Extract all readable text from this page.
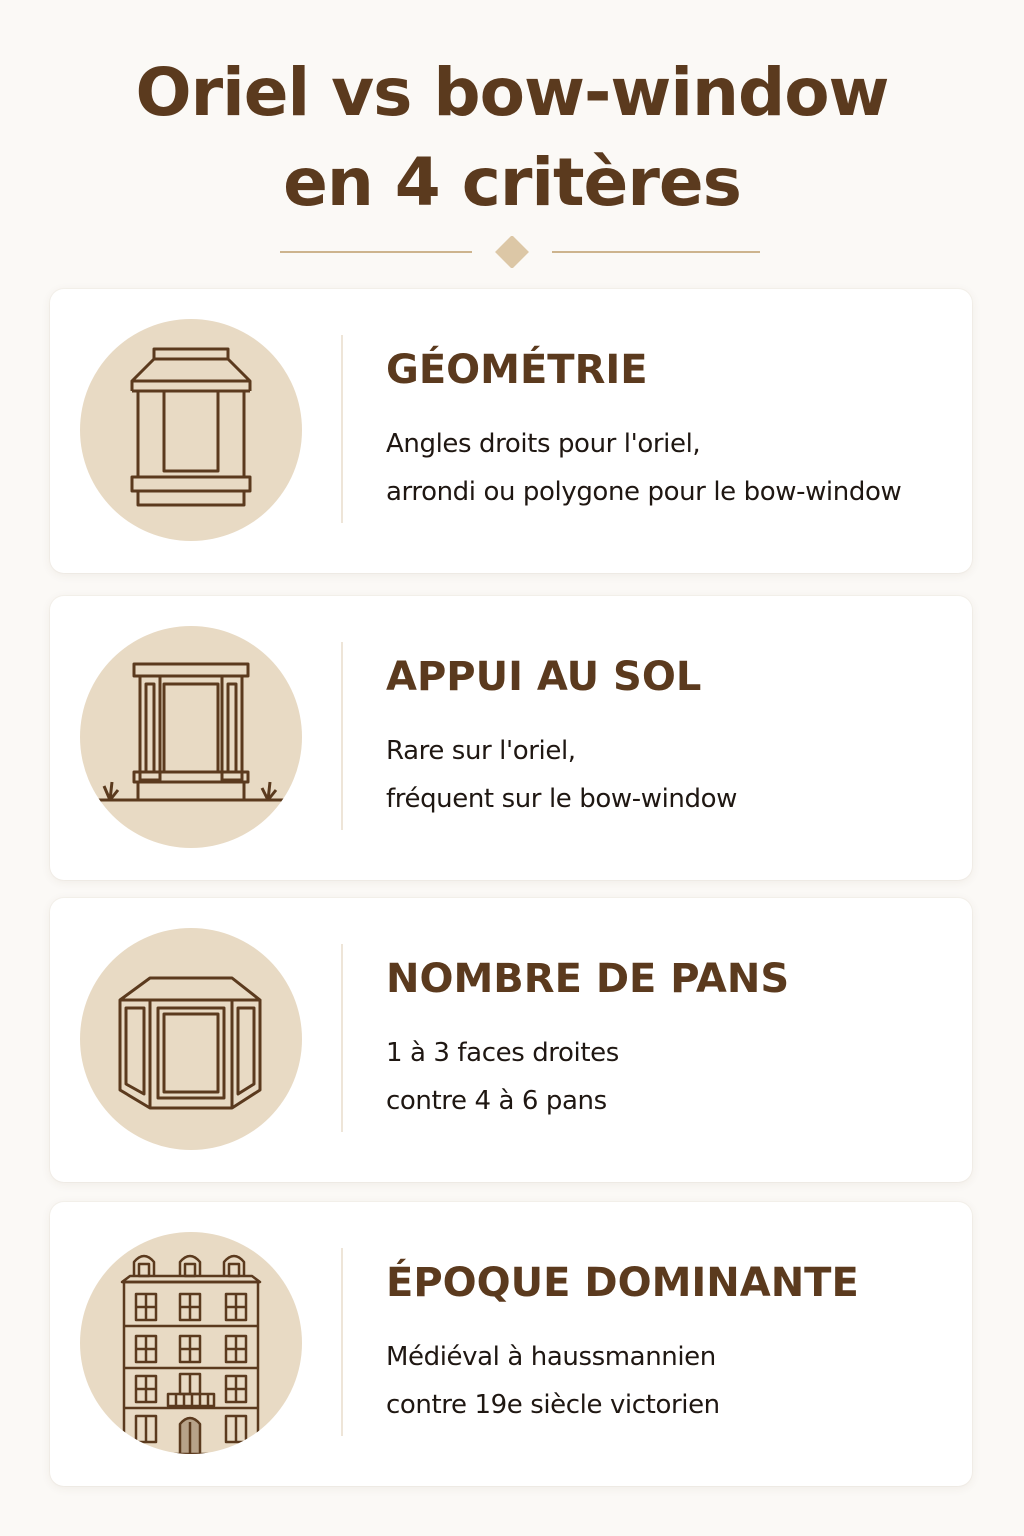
Oriel vs bow-window
en 4 critères
GÉOMÉTRIE

Angles droits pour l'oriel,
arrondi ou polygone pour le bow-window

APPUI AU SOL

Rare sur l'oriel,
fréquent sur le bow-window

NOMBRE DE PANS

1 à 3 faces droites
contre 4 à 6 pans

ÉPOQUE DOMINANTE

Médiéval à haussmannien
contre 19e siècle victorien
